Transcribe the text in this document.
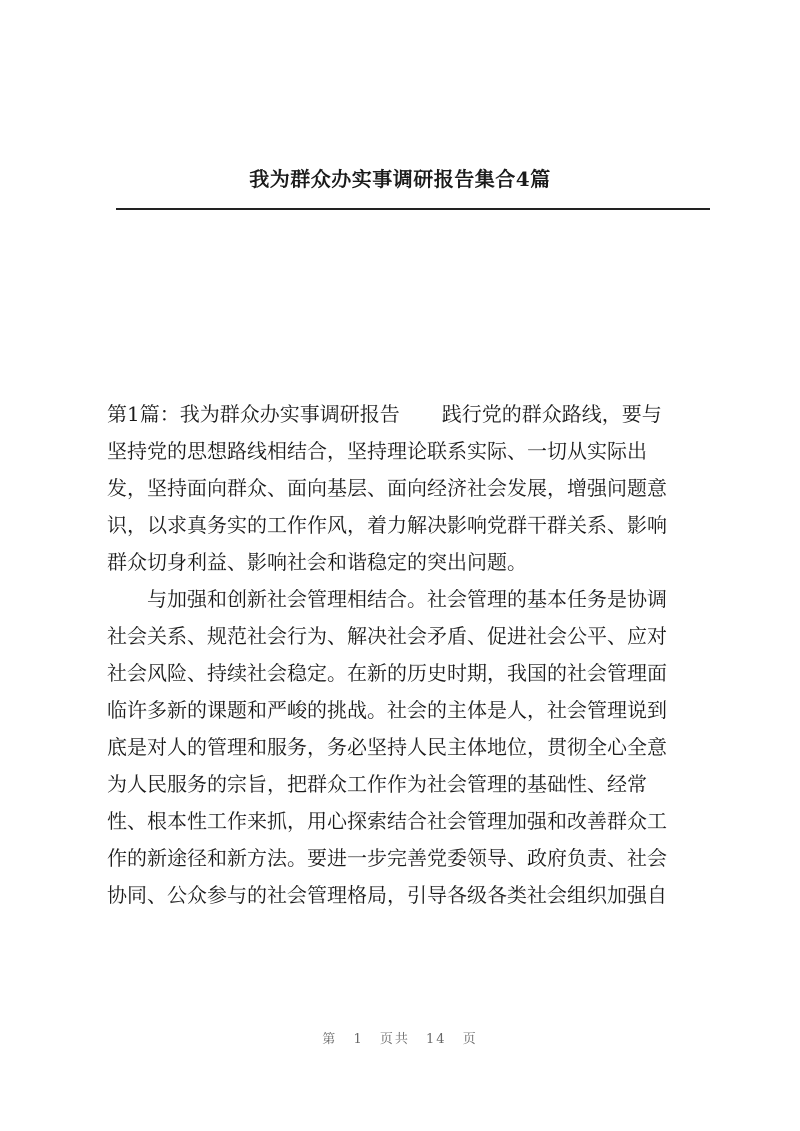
我为群众办实事调研报告集合4篇

第1篇：我为群众办实事调研报告 践行党的群众路线，要与

坚持党的思想路线相结合，坚持理论联系实际、一切从实际出

发，坚持面向群众、面向基层、面向经济社会发展，增强问题意

识，以求真务实的工作作风，着力解决影响党群干群关系、影响

群众切身利益、影响社会和谐稳定的突出问题。

与加强和创新社会管理相结合。社会管理的基本任务是协调

社会关系、规范社会行为、解决社会矛盾、促进社会公平、应对

社会风险、持续社会稳定。在新的历史时期，我国的社会管理面

临许多新的课题和严峻的挑战。社会的主体是人，社会管理说到

底是对人的管理和服务，务必坚持人民主体地位，贯彻全心全意

为人民服务的宗旨，把群众工作作为社会管理的基础性、经常

性、根本性工作来抓，用心探索结合社会管理加强和改善群众工

作的新途径和新方法。要进一步完善党委领导、政府负责、社会

协同、公众参与的社会管理格局，引导各级各类社会组织加强自

第 1 页共 14 页
